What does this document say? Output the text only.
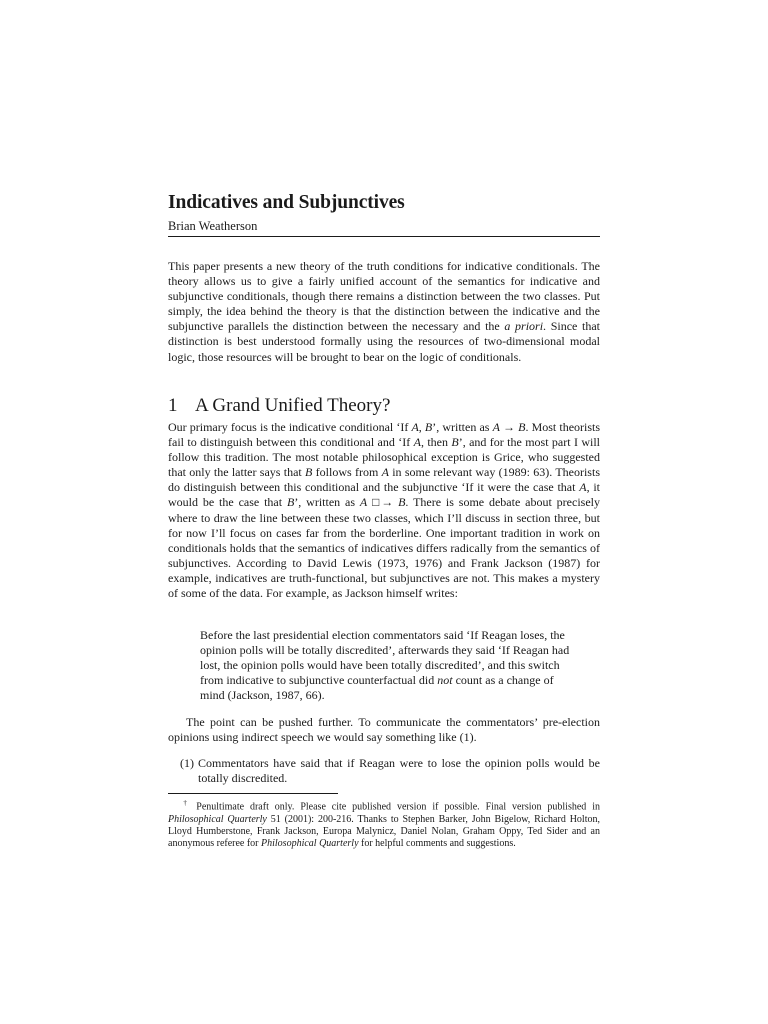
Indicatives and Subjunctives
Brian Weatherson

This paper presents a new theory of the truth conditions for indicative conditionals. The theory allows us to give a fairly unified account of the semantics for indicative and subjunctive conditionals, though there remains a distinction between the two classes. Put simply, the idea behind the theory is that the distinction between the indicative and the subjunctive parallels the distinction between the necessary and the a priori. Since that distinction is best understood formally using the resources of two-dimensional modal logic, those resources will be brought to bear on the logic of conditionals.

1 A Grand Unified Theory?

Our primary focus is the indicative conditional ‘If A, B’, written as A → B. Most theorists fail to distinguish between this conditional and ‘If A, then B’, and for the most part I will follow this tradition. The most notable philosophical exception is Grice, who suggested that only the latter says that B follows from A in some relevant way (1989: 63). Theorists do distinguish between this conditional and the subjunctive ‘If it were the case that A, it would be the case that B’, written as A □→ B. There is some debate about precisely where to draw the line between these two classes, which I’ll discuss in section three, but for now I’ll focus on cases far from the borderline. One important tradition in work on conditionals holds that the semantics of indicatives differs radically from the semantics of subjunctives. According to David Lewis (1973, 1976) and Frank Jackson (1987) for example, indicatives are truth-functional, but subjunctives are not. This makes a mystery of some of the data. For example, as Jackson himself writes:

Before the last presidential election commentators said ‘If Reagan loses, the opinion polls will be totally discredited’, afterwards they said ‘If Reagan had lost, the opinion polls would have been totally discredited’, and this switch from indicative to subjunctive counterfactual did not count as a change of mind (Jackson, 1987, 66).

The point can be pushed further. To communicate the commentators’ pre-election opinions using indirect speech we would say something like (1).

(1) Commentators have said that if Reagan were to lose the opinion polls would be totally discredited.

† Penultimate draft only. Please cite published version if possible. Final version published in Philosophical Quarterly 51 (2001): 200-216. Thanks to Stephen Barker, John Bigelow, Richard Holton, Lloyd Humberstone, Frank Jackson, Europa Malynicz, Daniel Nolan, Graham Oppy, Ted Sider and an anonymous referee for Philosophical Quarterly for helpful comments and suggestions.
